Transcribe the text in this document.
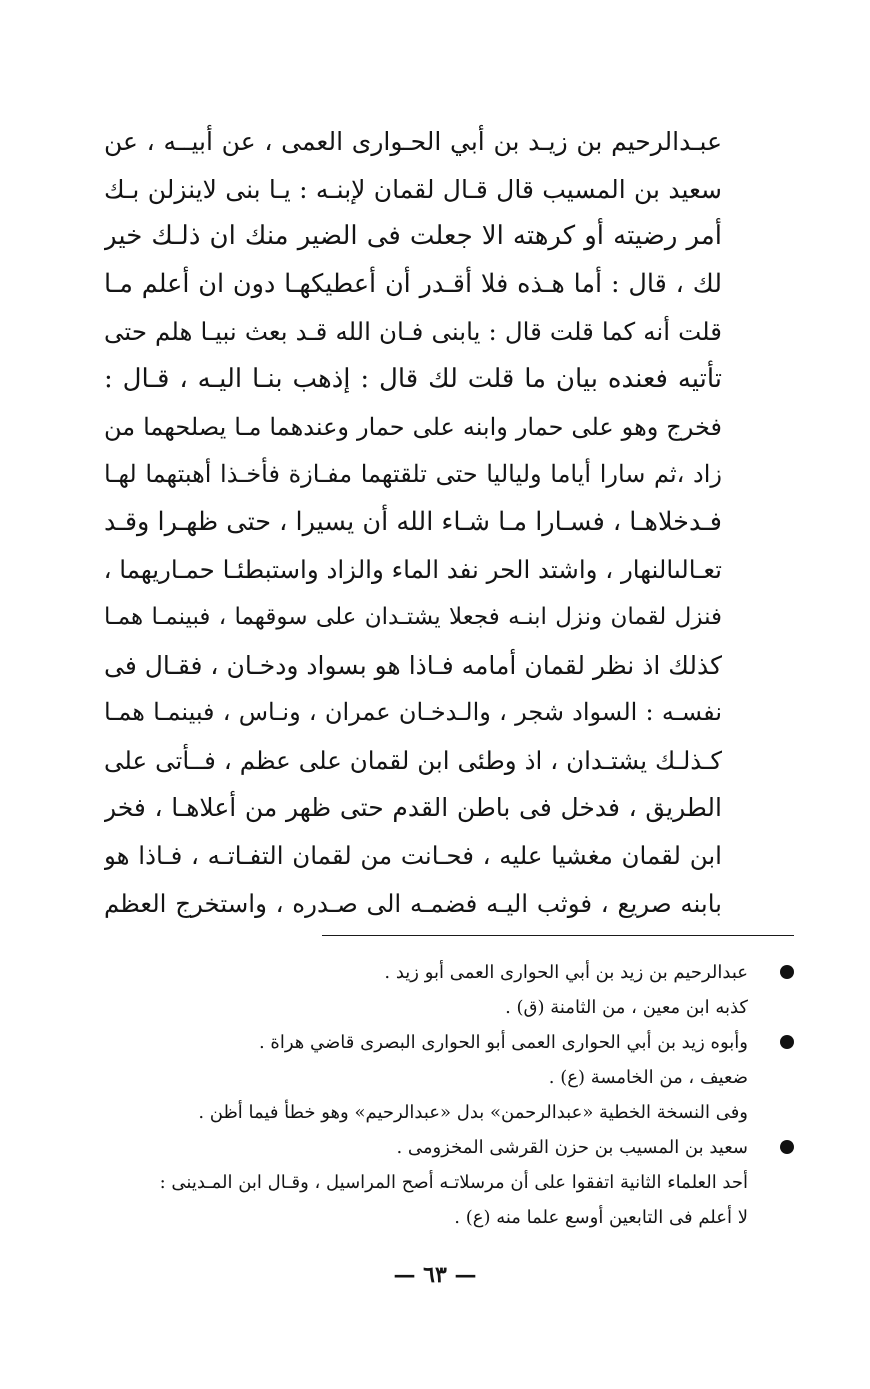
عبـدالرحيم بن زيـد بن أبي الحـوارى العمى ، عن أبيــه ، عن
سعيد بن المسيب قال قـال لقمان لإبنـه : يـا بنى لاينزلن بـك
أمر رضيته أو كرهته الا جعلت فى الضير منك ان ذلـك خير
لك ، قال : أما هـذه فلا أقـدر أن أعطيكهـا دون ان أعلم مـا
قلت أنه كما قلت قال : يابنى فـان الله قـد بعث نبيـا هلم حتى
تأتيه فعنده بيان ما قلت لك قال : إذهب بنـا اليـه ، قـال :
فخرج وهو على حمار وابنه على حمار وعندهما مـا يصلحهما من
زاد ،ثم سارا أياما ولياليا حتى تلقتهما مفـازة فأخـذا أهبتهما لهـا
فـدخلاهـا ، فسـارا مـا شـاء الله أن يسيرا ، حتى ظهـرا وقـد
تعـالىالنهار ، واشتد الحر نفد الماء والزاد واستبطئـا حمـاريهما ،
فنزل لقمان ونزل ابنـه فجعلا يشتـدان على سوقهما ، فبينمـا همـا
كذلك اذ نظر لقمان أمامه فـاذا هو بسواد ودخـان ، فقـال فى
نفسـه : السواد شجر ، والـدخـان عمران ، ونـاس ، فبينمـا همـا
كـذلـك يشتـدان ، اذ وطئى ابن لقمان على عظم ، فــأتى على
الطريق ، فدخل فى باطن القدم حتى ظهر من أعلاهـا ، فخر
ابن لقمان مغشيا عليه ، فحـانت من لقمان التفـاتـه ، فـاذا هو
بابنه صريع ، فوثب اليـه فضمـه الى صـدره ، واستخرج العظم
عبدالرحيم بن زيد بن أبي الحوارى العمى أبو زيد .
كذبه ابن معين ، من الثامنة (ق) .
وأبوه زيد بن أبي الحوارى العمى أبو الحوارى البصرى قاضي هراة .
ضعيف ، من الخامسة (ع) .
وفى النسخة الخطية «عبدالرحمن» بدل «عبدالرحيم» وهو خطأ فيما أظن .
سعيد بن المسيب بن حزن القرشى المخزومى .
أحد العلماء الثانية اتفقوا على أن مرسلاتـه أصح المراسيل ، وقـال ابن المـدينى :
لا أعلم فى التابعين أوسع علما منه (ع) .
— ٦٣ —
